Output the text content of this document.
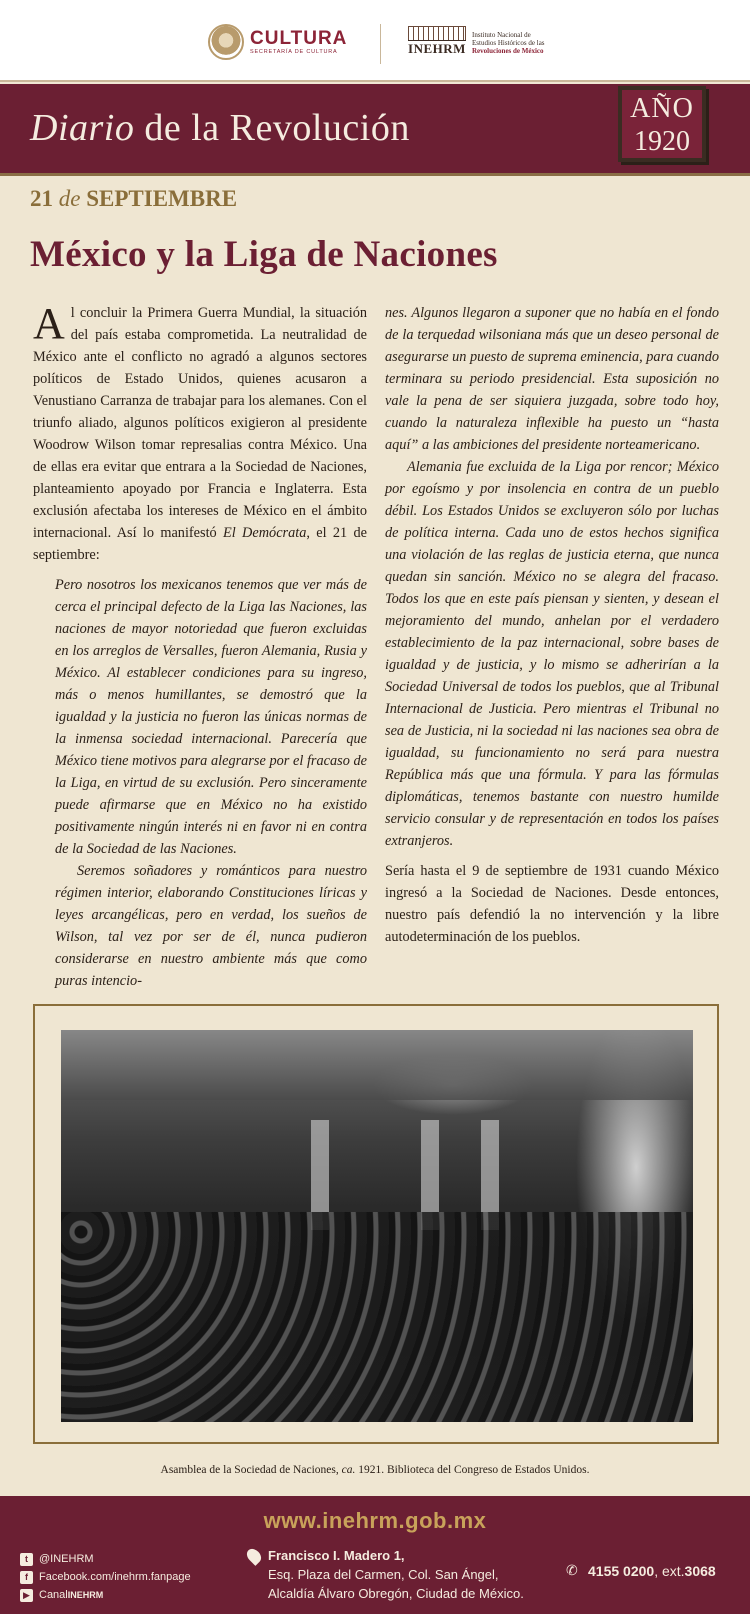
CULTURA
SECRETARÍA DE CULTURA	INEHRM
Instituto Nacional de
Estudios Históricos de las
Revoluciones de México
Diario de la Revolución	AÑO
1920
21 de SEPTIEMBRE
México y la Liga de Naciones

Al concluir la Primera Guerra Mundial, la situación del país estaba comprometida. La neutralidad de México ante el conflicto no agradó a algunos sectores políticos de Estado Unidos, quienes acusaron a Venustiano Carranza de trabajar para los alemanes. Con el triunfo aliado, algunos políticos exigieron al presidente Woodrow Wilson tomar represalias contra México. Una de ellas era evitar que entrara a la Sociedad de Naciones, planteamiento apoyado por Francia e Inglaterra. Esta exclusión afectaba los intereses de México en el ámbito internacional. Así lo manifestó El Demócrata, el 21 de septiembre:

Pero nosotros los mexicanos tenemos que ver más de cerca el principal defecto de la Liga las Naciones, las naciones de mayor notoriedad que fueron excluidas en los arreglos de Versalles, fueron Alemania, Rusia y México. Al establecer condiciones para su ingreso, más o menos humillantes, se demostró que la igualdad y la justicia no fueron las únicas normas de la inmensa sociedad internacional. Parecería que México tiene motivos para alegrarse por el fracaso de la Liga, en virtud de su exclusión. Pero sinceramente puede afirmarse que en México no ha existido positivamente ningún interés ni en favor ni en contra de la Sociedad de las Naciones.

Seremos soñadores y románticos para nuestro régimen interior, elaborando Constituciones líricas y leyes arcangélicas, pero en verdad, los sueños de Wilson, tal vez por ser de él, nunca pudieron considerarse en nuestro ambiente más que como puras intencio-

nes. Algunos llegaron a suponer que no había en el fondo de la terquedad wilsoniana más que un deseo personal de asegurarse un puesto de suprema eminencia, para cuando terminara su periodo presidencial. Esta suposición no vale la pena de ser siquiera juzgada, sobre todo hoy, cuando la naturaleza inflexible ha puesto un “hasta aquí” a las ambiciones del presidente norteamericano.

Alemania fue excluida de la Liga por rencor; México por egoísmo y por insolencia en contra de un pueblo débil. Los Estados Unidos se excluyeron sólo por luchas de política interna. Cada uno de estos hechos significa una violación de las reglas de justicia eterna, que nunca quedan sin sanción. México no se alegra del fracaso. Todos los que en este país piensan y sienten, y desean el mejoramiento del mundo, anhelan por el verdadero establecimiento de la paz internacional, sobre bases de igualdad y de justicia, y lo mismo se adherirían a la Sociedad Universal de todos los pueblos, que al Tribunal Internacional de Justicia. Pero mientras el Tribunal no sea de Justicia, ni la sociedad ni las naciones sea obra de igualdad, su funcionamiento no será para nuestra República más que una fórmula. Y para las fórmulas diplomáticas, tenemos bastante con nuestro humilde servicio consular y de representación en todos los países extranjeros.

Sería hasta el 9 de septiembre de 1931 cuando México ingresó a la Sociedad de Naciones. Desde entonces, nuestro país defendió la no intervención y la libre autodeterminación de los pueblos.

Asamblea de la Sociedad de Naciones, ca. 1921. Biblioteca del Congreso de Estados Unidos.
www.inehrm.gob.mx
t	@INEHRM
f	Facebook.com/inehrm.fanpage
▶ Canal INEHRM
Francisco I. Madero 1,
Esq. Plaza del Carmen, Col. San Ángel,
Alcaldía Álvaro Obregón, Ciudad de México.
✆ 4155 0200 , ext. 3068
